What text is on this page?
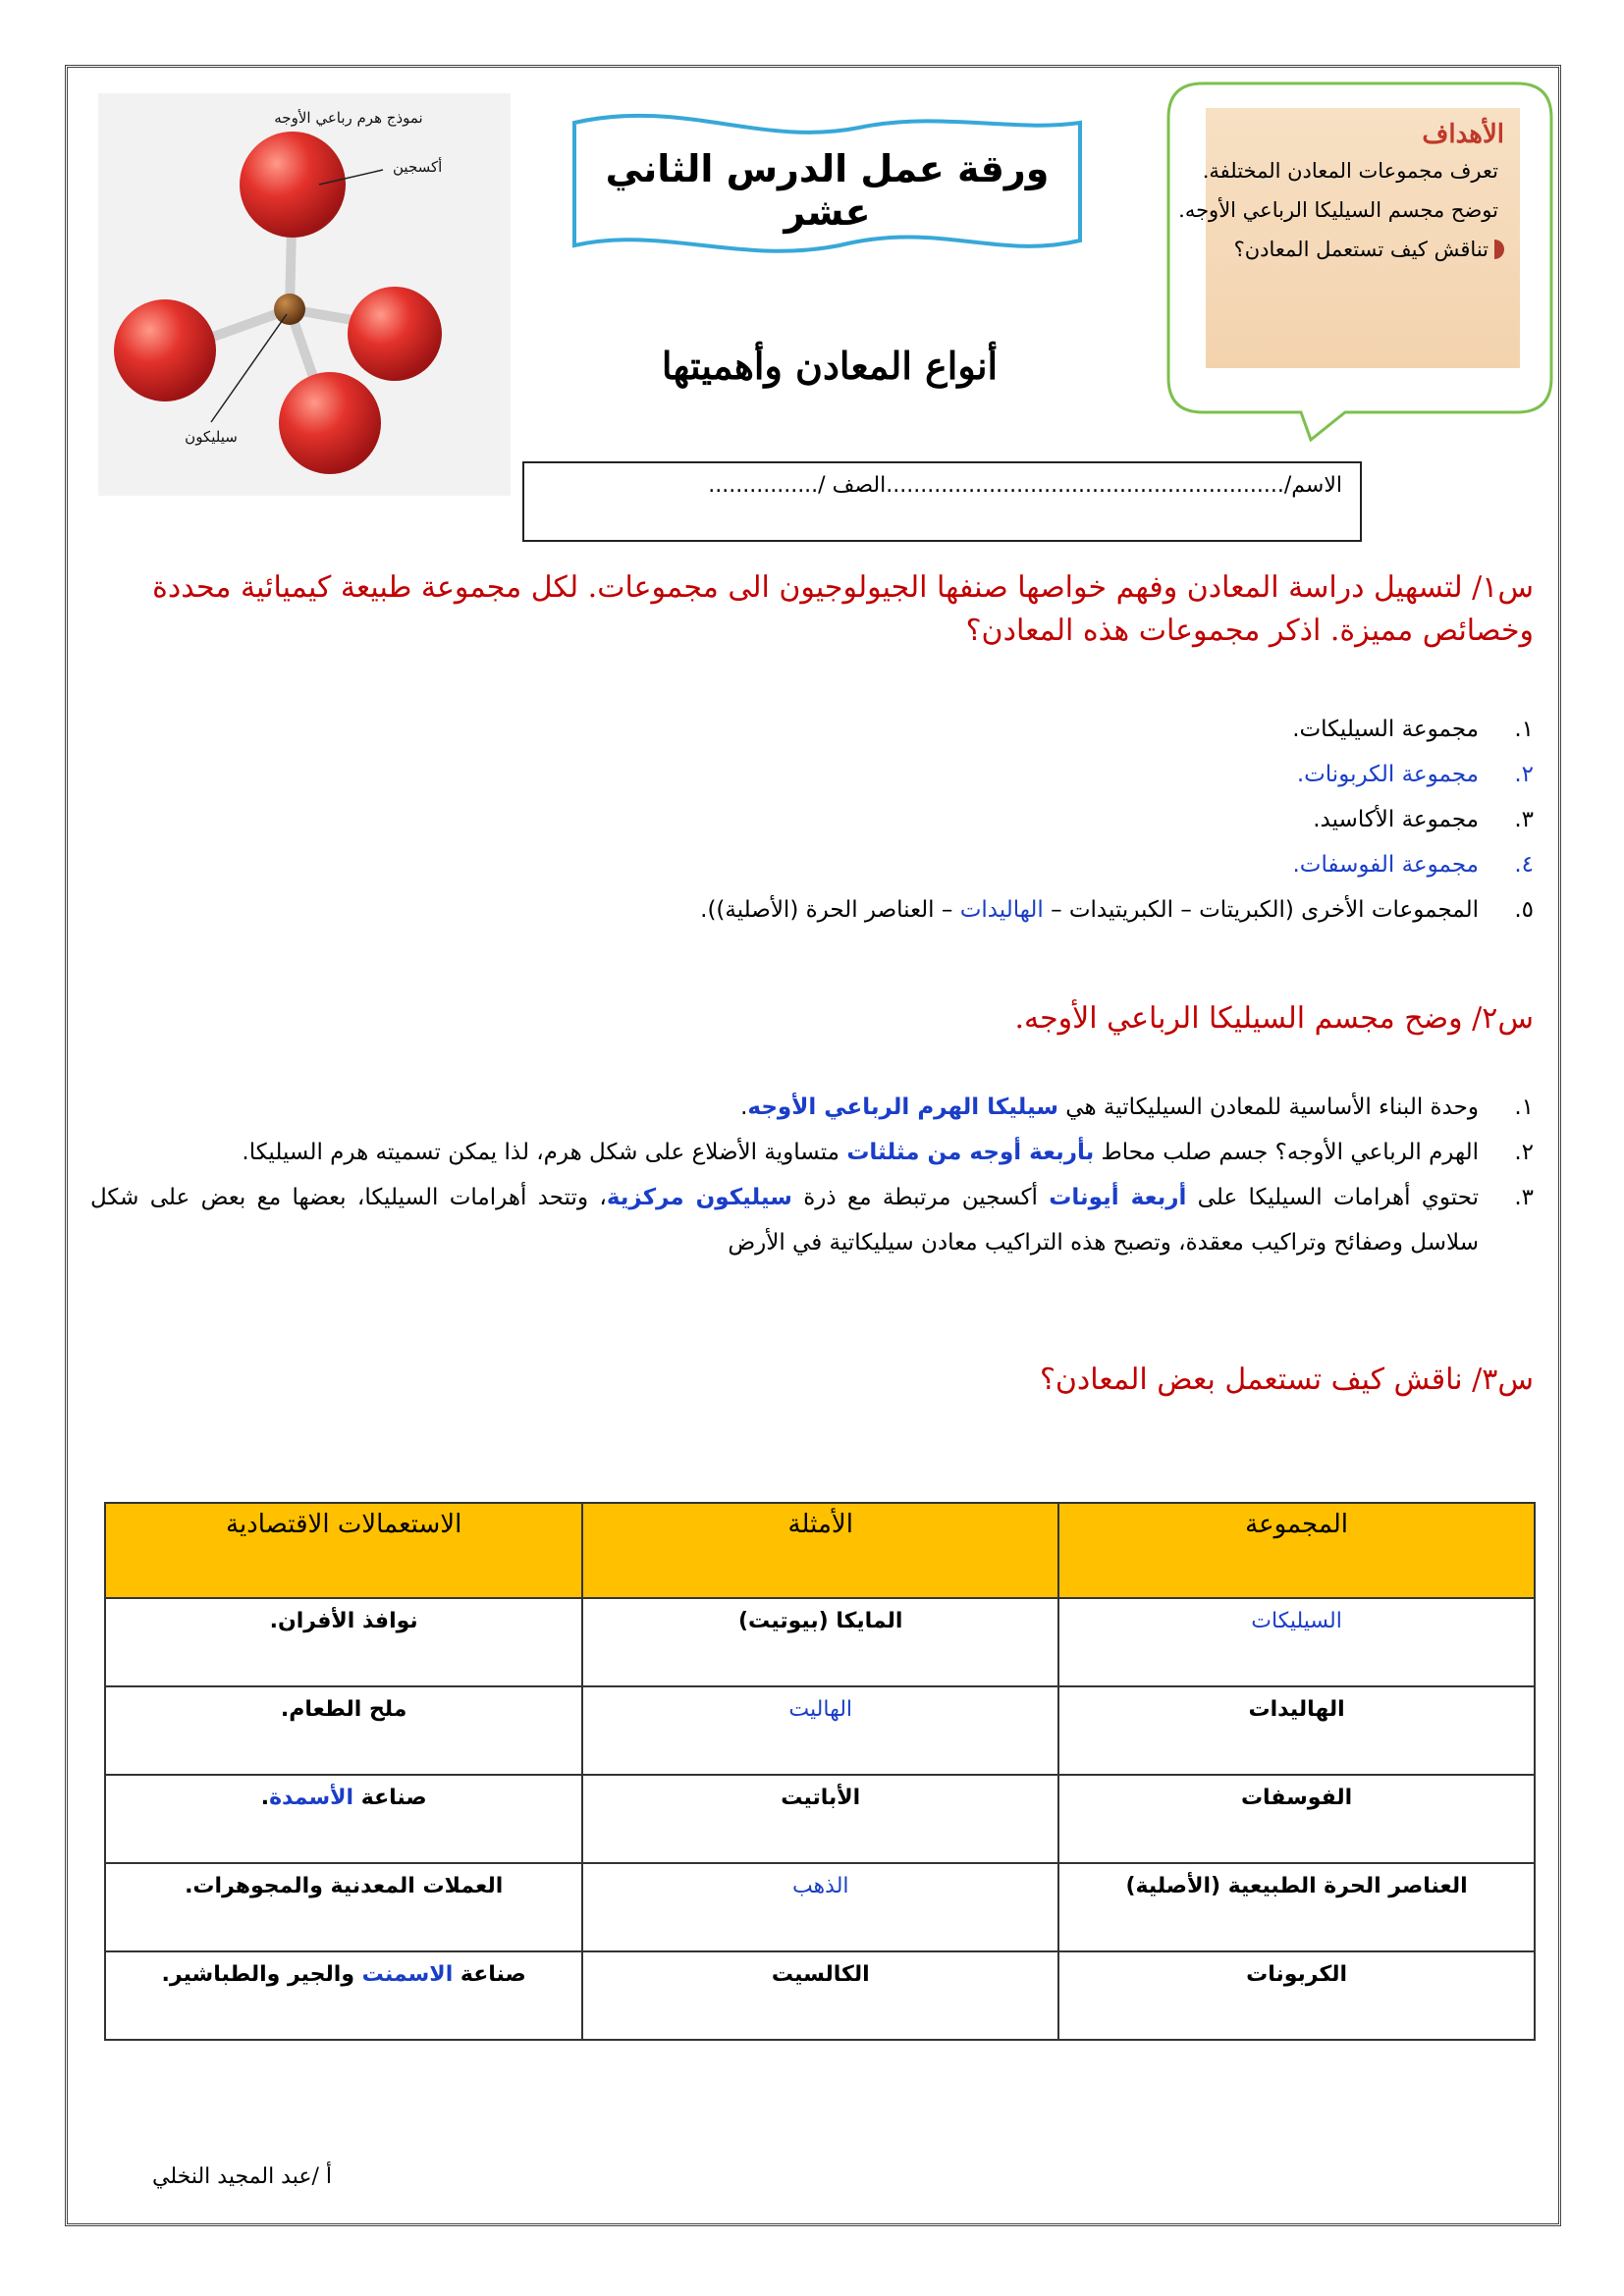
نموذج هرم رباعي الأوجه
أكسجين
سيليكون
ورقة عمل الدرس الثاني عشر
أنواع المعادن وأهميتها
الأهداف
تعرف مجموعات المعادن المختلفة.
توضح مجسم السيليكا الرباعي الأوجه.
تناقش كيف تستعمل المعادن؟
الاسم/..........................................................الصف /................
س١/ لتسهيل دراسة المعادن وفهم خواصها صنفها الجيولوجيون الى مجموعات. لكل مجموعة طبيعة كيميائية محددة وخصائص مميزة. اذكر مجموعات هذه المعادن؟
١.
مجموعة السيليكات.
٢.
مجموعة الكربونات.
٣.
مجموعة الأكاسيد.
٤.
مجموعة الفوسفات.
٥.
المجموعات الأخرى (الكبريتات – الكبريتيدات – الهاليدات – العناصر الحرة (الأصلية)).
س٢/ وضح مجسم السيليكا الرباعي الأوجه.
١.
وحدة البناء الأساسية للمعادن السيليكاتية هي سيليكا الهرم الرباعي الأوجه.
٢.
الهرم الرباعي الأوجه؟ جسم صلب محاط بأربعة أوجه من مثلثات متساوية الأضلاع على شكل هرم، لذا يمكن تسميته هرم السيليكا.
٣.
تحتوي أهرامات السيليكا على أربعة أيونات أكسجين مرتبطة مع ذرة سيليكون مركزية، وتتحد أهرامات السيليكا، بعضها مع بعض على شكل سلاسل وصفائح وتراكيب معقدة، وتصبح هذه التراكيب معادن سيليكاتية في الأرض
س٣/ ناقش كيف تستعمل بعض المعادن؟
المجموعة	الأمثلة	الاستعمالات الاقتصادية
السيليكات	المايكا (بيوتيت)	نوافذ الأفران.
الهاليدات	الهاليت	ملح الطعام.
الفوسفات	الأباتيت	صناعة الأسمدة.
العناصر الحرة الطبيعية (الأصلية)	الذهب	العملات المعدنية والمجوهرات.
الكربونات	الكالسيت	صناعة الاسمنت والجير والطباشير.
أ /عبد المجيد النخلي
